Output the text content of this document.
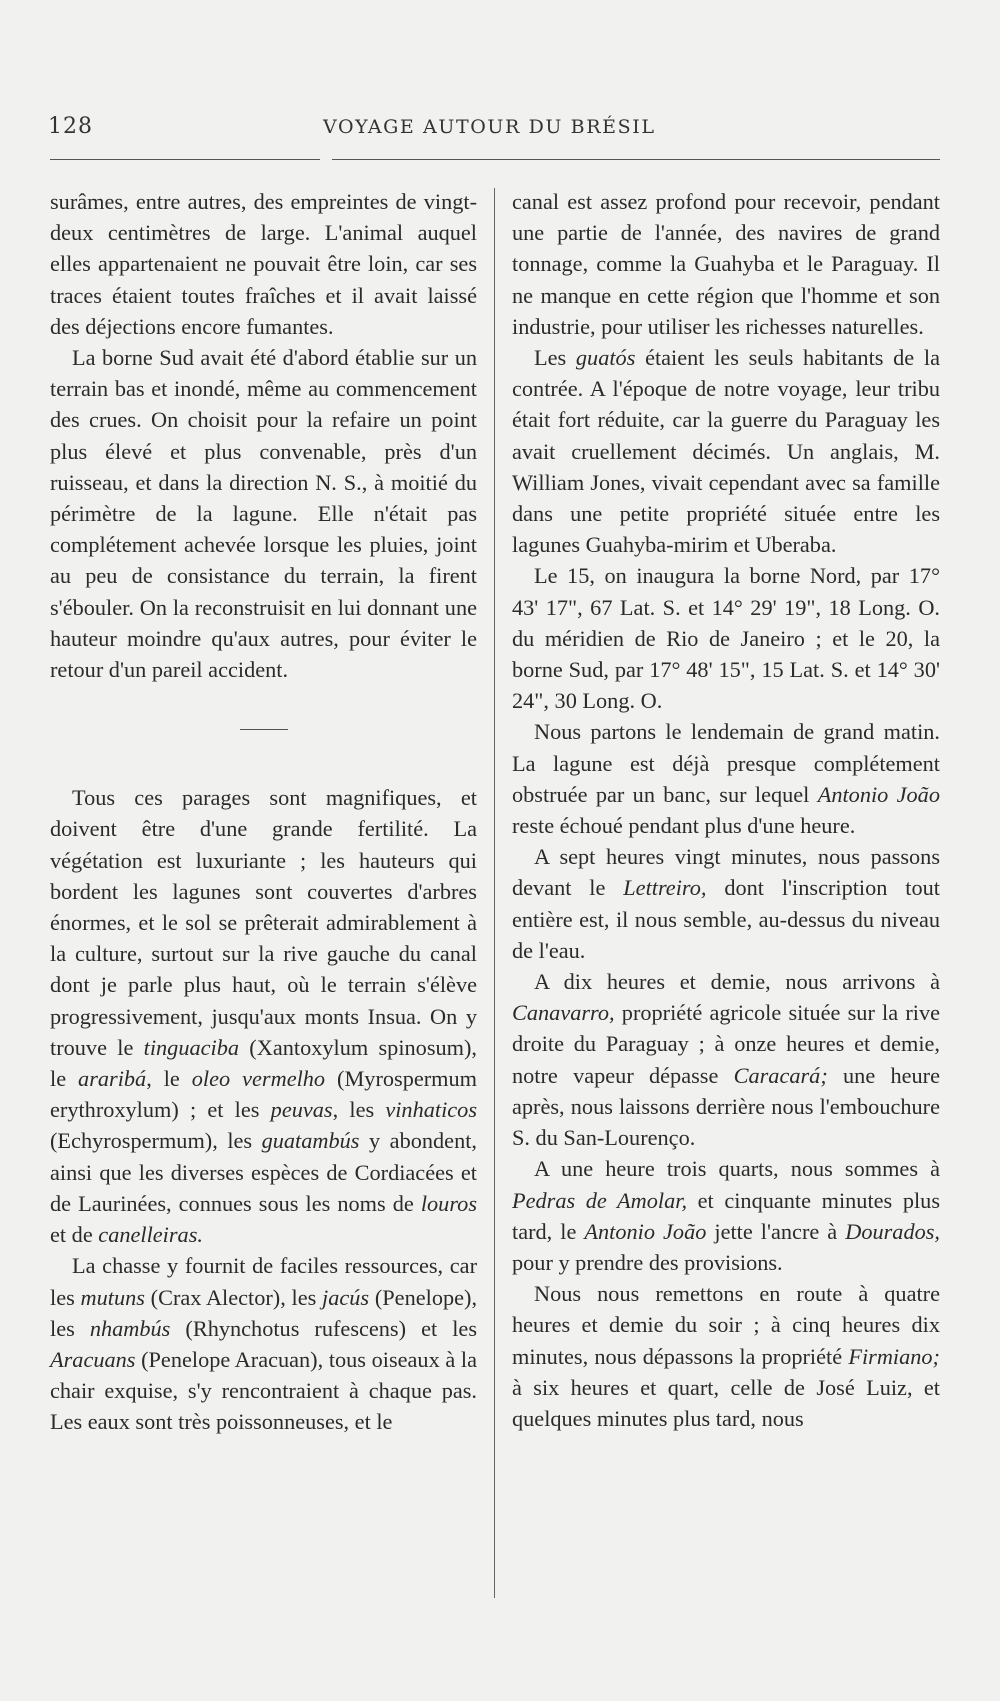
128	VOYAGE AUTOUR DU BRÉSIL

surâmes, entre autres, des empreintes de vingt-deux centimètres de large. L'animal auquel elles appartenaient ne pouvait être loin, car ses traces étaient toutes fraîches et il avait laissé des déjections encore fumantes.

La borne Sud avait été d'abord établie sur un terrain bas et inondé, même au commencement des crues. On choisit pour la refaire un point plus élevé et plus convenable, près d'un ruisseau, et dans la direction N. S., à moitié du périmètre de la lagune. Elle n'était pas complétement achevée lorsque les pluies, joint au peu de consistance du terrain, la firent s'ébouler. On la reconstruisit en lui donnant une hauteur moindre qu'aux autres, pour éviter le retour d'un pareil accident.

Tous ces parages sont magnifiques, et doivent être d'une grande fertilité. La végétation est luxuriante ; les hauteurs qui bordent les lagunes sont couvertes d'arbres énormes, et le sol se prêterait admirablement à la culture, surtout sur la rive gauche du canal dont je parle plus haut, où le terrain s'élève progressivement, jusqu'aux monts Insua. On y trouve le tinguaciba (Xantoxylum spinosum), le araribá, le oleo vermelho (Myrospermum erythroxylum) ; et les peuvas, les vinhaticos (Echyrospermum), les guatambús y abondent, ainsi que les diverses espèces de Cordiacées et de Laurinées, connues sous les noms de louros et de canelleiras.

La chasse y fournit de faciles ressources, car les mutuns (Crax Alector), les jacús (Penelope), les nhambús (Rhynchotus rufescens) et les Aracuans (Penelope Aracuan), tous oiseaux à la chair exquise, s'y rencontraient à chaque pas. Les eaux sont très poissonneuses, et le

canal est assez profond pour recevoir, pendant une partie de l'année, des navires de grand tonnage, comme la Guahyba et le Paraguay. Il ne manque en cette région que l'homme et son industrie, pour utiliser les richesses naturelles.

Les guatós étaient les seuls habitants de la contrée. A l'époque de notre voyage, leur tribu était fort réduite, car la guerre du Paraguay les avait cruellement décimés. Un anglais, M. William Jones, vivait cependant avec sa famille dans une petite propriété située entre les lagunes Guahyba-mirim et Uberaba.

Le 15, on inaugura la borne Nord, par 17° 43' 17", 67 Lat. S. et 14° 29' 19", 18 Long. O. du méridien de Rio de Janeiro ; et le 20, la borne Sud, par 17° 48' 15", 15 Lat. S. et 14° 30' 24", 30 Long. O.

Nous partons le lendemain de grand matin. La lagune est déjà presque complétement obstruée par un banc, sur lequel Antonio João reste échoué pendant plus d'une heure.

A sept heures vingt minutes, nous passons devant le Lettreiro, dont l'inscription tout entière est, il nous semble, au-dessus du niveau de l'eau.

A dix heures et demie, nous arrivons à Canavarro, propriété agricole située sur la rive droite du Paraguay ; à onze heures et demie, notre vapeur dépasse Caracará; une heure après, nous laissons derrière nous l'embouchure S. du San-Lourenço.

A une heure trois quarts, nous sommes à Pedras de Amolar, et cinquante minutes plus tard, le Antonio João jette l'ancre à Dourados, pour y prendre des provisions.

Nous nous remettons en route à quatre heures et demie du soir ; à cinq heures dix minutes, nous dépassons la propriété Firmiano; à six heures et quart, celle de José Luiz, et quelques minutes plus tard, nous
